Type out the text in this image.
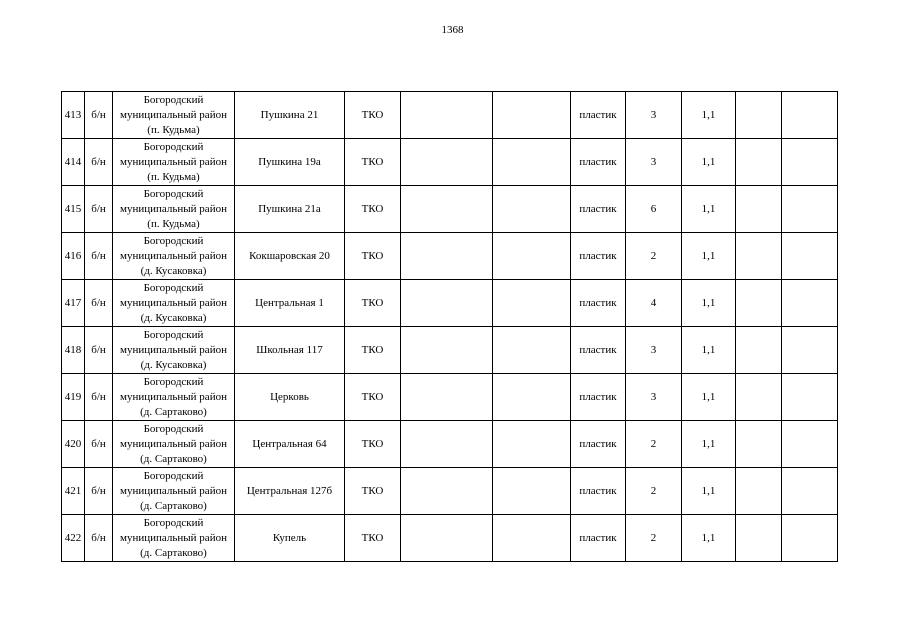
1368
413	б/н	Богородский
муниципальный район
(п. Кудьма)	Пушкина 21	ТКО			пластик	3	1,1		
414	б/н	Богородский
муниципальный район
(п. Кудьма)	Пушкина 19а	ТКО			пластик	3	1,1		
415	б/н	Богородский
муниципальный район
(п. Кудьма)	Пушкина 21а	ТКО			пластик	6	1,1		
416	б/н	Богородский
муниципальный район
(д. Кусаковка)	Кокшаровская 20	ТКО			пластик	2	1,1		
417	б/н	Богородский
муниципальный район
(д. Кусаковка)	Центральная 1	ТКО			пластик	4	1,1		
418	б/н	Богородский
муниципальный район
(д. Кусаковка)	Школьная 117	ТКО			пластик	3	1,1		
419	б/н	Богородский
муниципальный район
(д. Сартаково)	Церковь	ТКО			пластик	3	1,1		
420	б/н	Богородский
муниципальный район
(д. Сартаково)	Центральная 64	ТКО			пластик	2	1,1		
421	б/н	Богородский
муниципальный район
(д. Сартаково)	Центральная 127б	ТКО			пластик	2	1,1		
422	б/н	Богородский
муниципальный район
(д. Сартаково)	Купель	ТКО			пластик	2	1,1		
